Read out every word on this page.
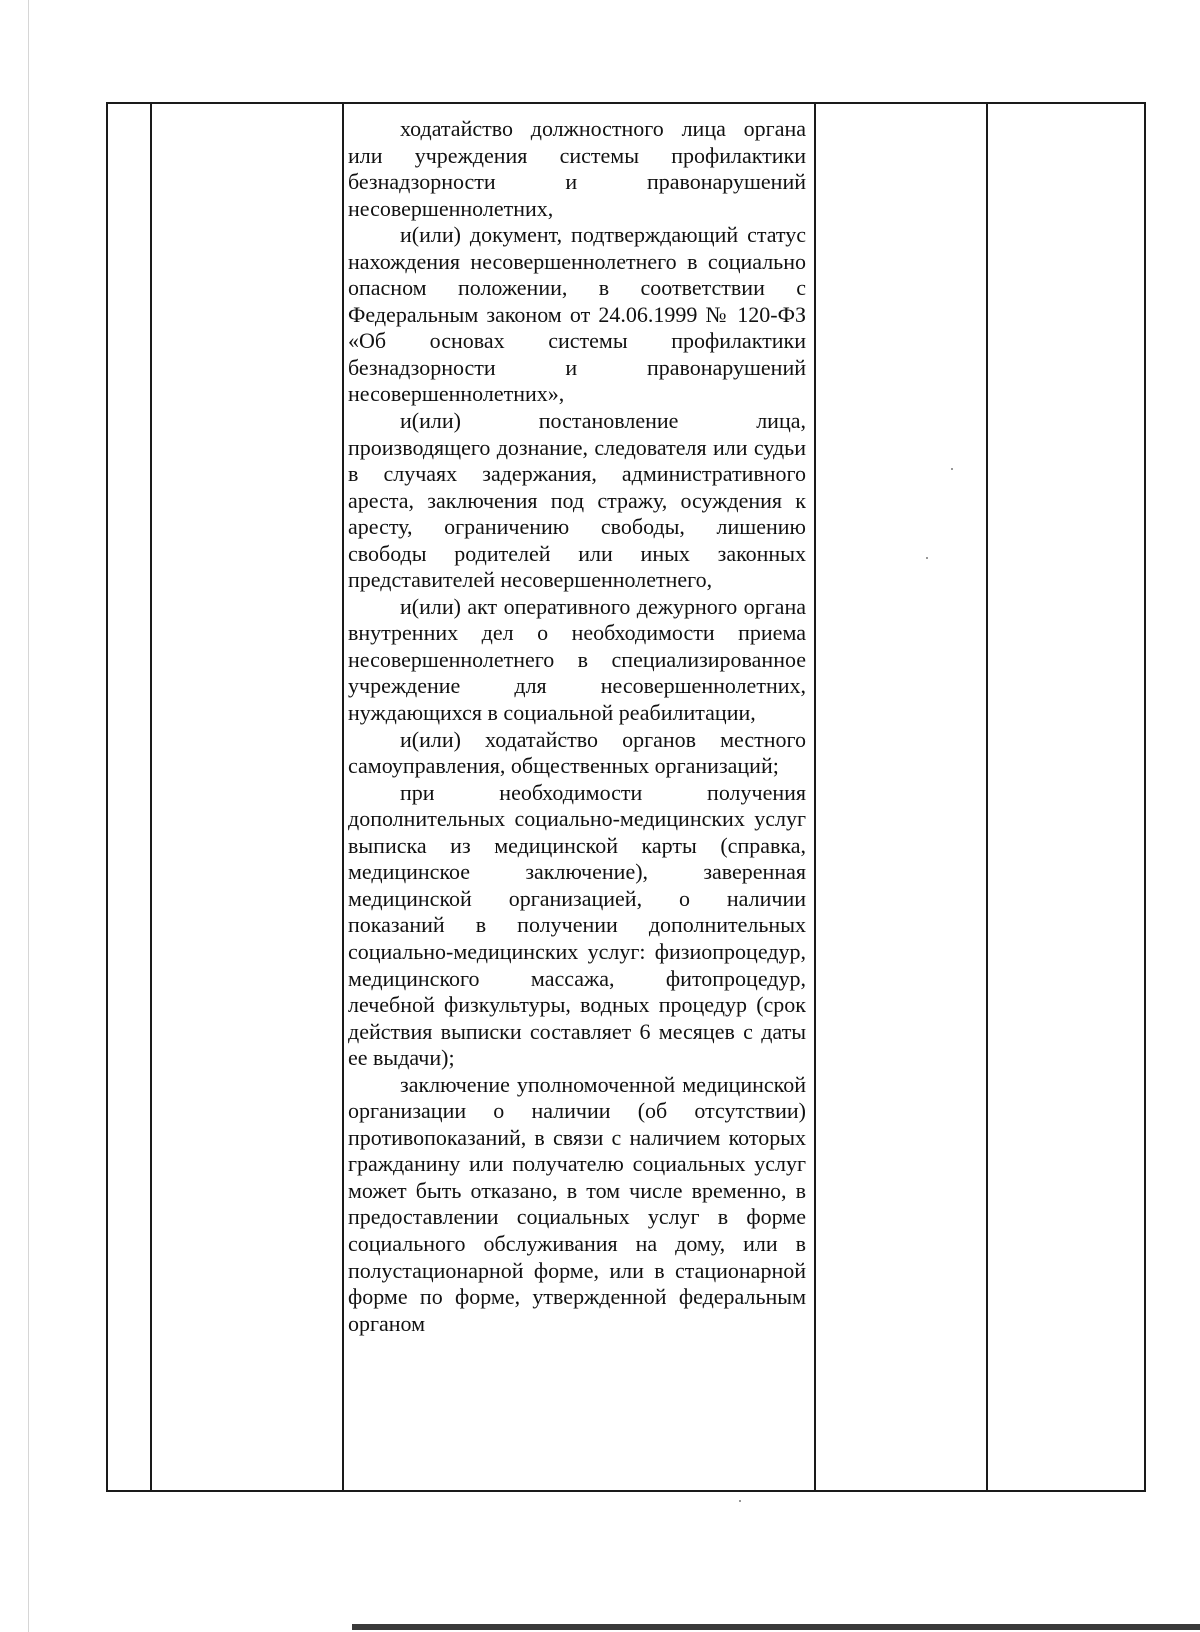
ходатайство должностного лица органа или учреждения системы профилактики безнадзорности и правонарушений несовершеннолетних,

и(или) документ, подтверждающий статус нахождения несовершеннолетнего в социально опасном положении, в соответствии с Федеральным законом от 24.06.1999 № 120-ФЗ «Об основах системы профилактики безнадзорности и правонарушений несовершеннолетних»,

и(или) постановление лица, производящего дознание, следователя или судьи в случаях задержания, административного ареста, заключения под стражу, осуждения к аресту, ограничению свободы, лишению свободы родителей или иных законных представителей несовершеннолетнего,

и(или) акт оперативного дежурного органа внутренних дел о необходимости приема несовершеннолетнего в специализированное учреждение для несовершеннолетних, нуждающихся в социальной реабилитации,

и(или) ходатайство органов местного самоуправления, общественных организаций;

при необходимости получения дополнительных социально-медицинских услуг выписка из медицинской карты (справка, медицинское заключение), заверенная медицинской организацией, о наличии показаний в получении дополнительных социально-медицинских услуг: физиопроцедур, медицинского массажа, фитопроцедур, лечебной физкультуры, водных процедур (срок действия выписки составляет 6 месяцев с даты ее выдачи);

заключение уполномоченной медицинской организации о наличии (об отсутствии) противопоказаний, в связи с наличием которых гражданину или получателю социальных услуг может быть отказано, в том числе временно, в предоставлении социальных услуг в форме социального обслуживания на дому, или в полустационарной форме, или в стационарной форме по форме, утвержденной федеральным органом
